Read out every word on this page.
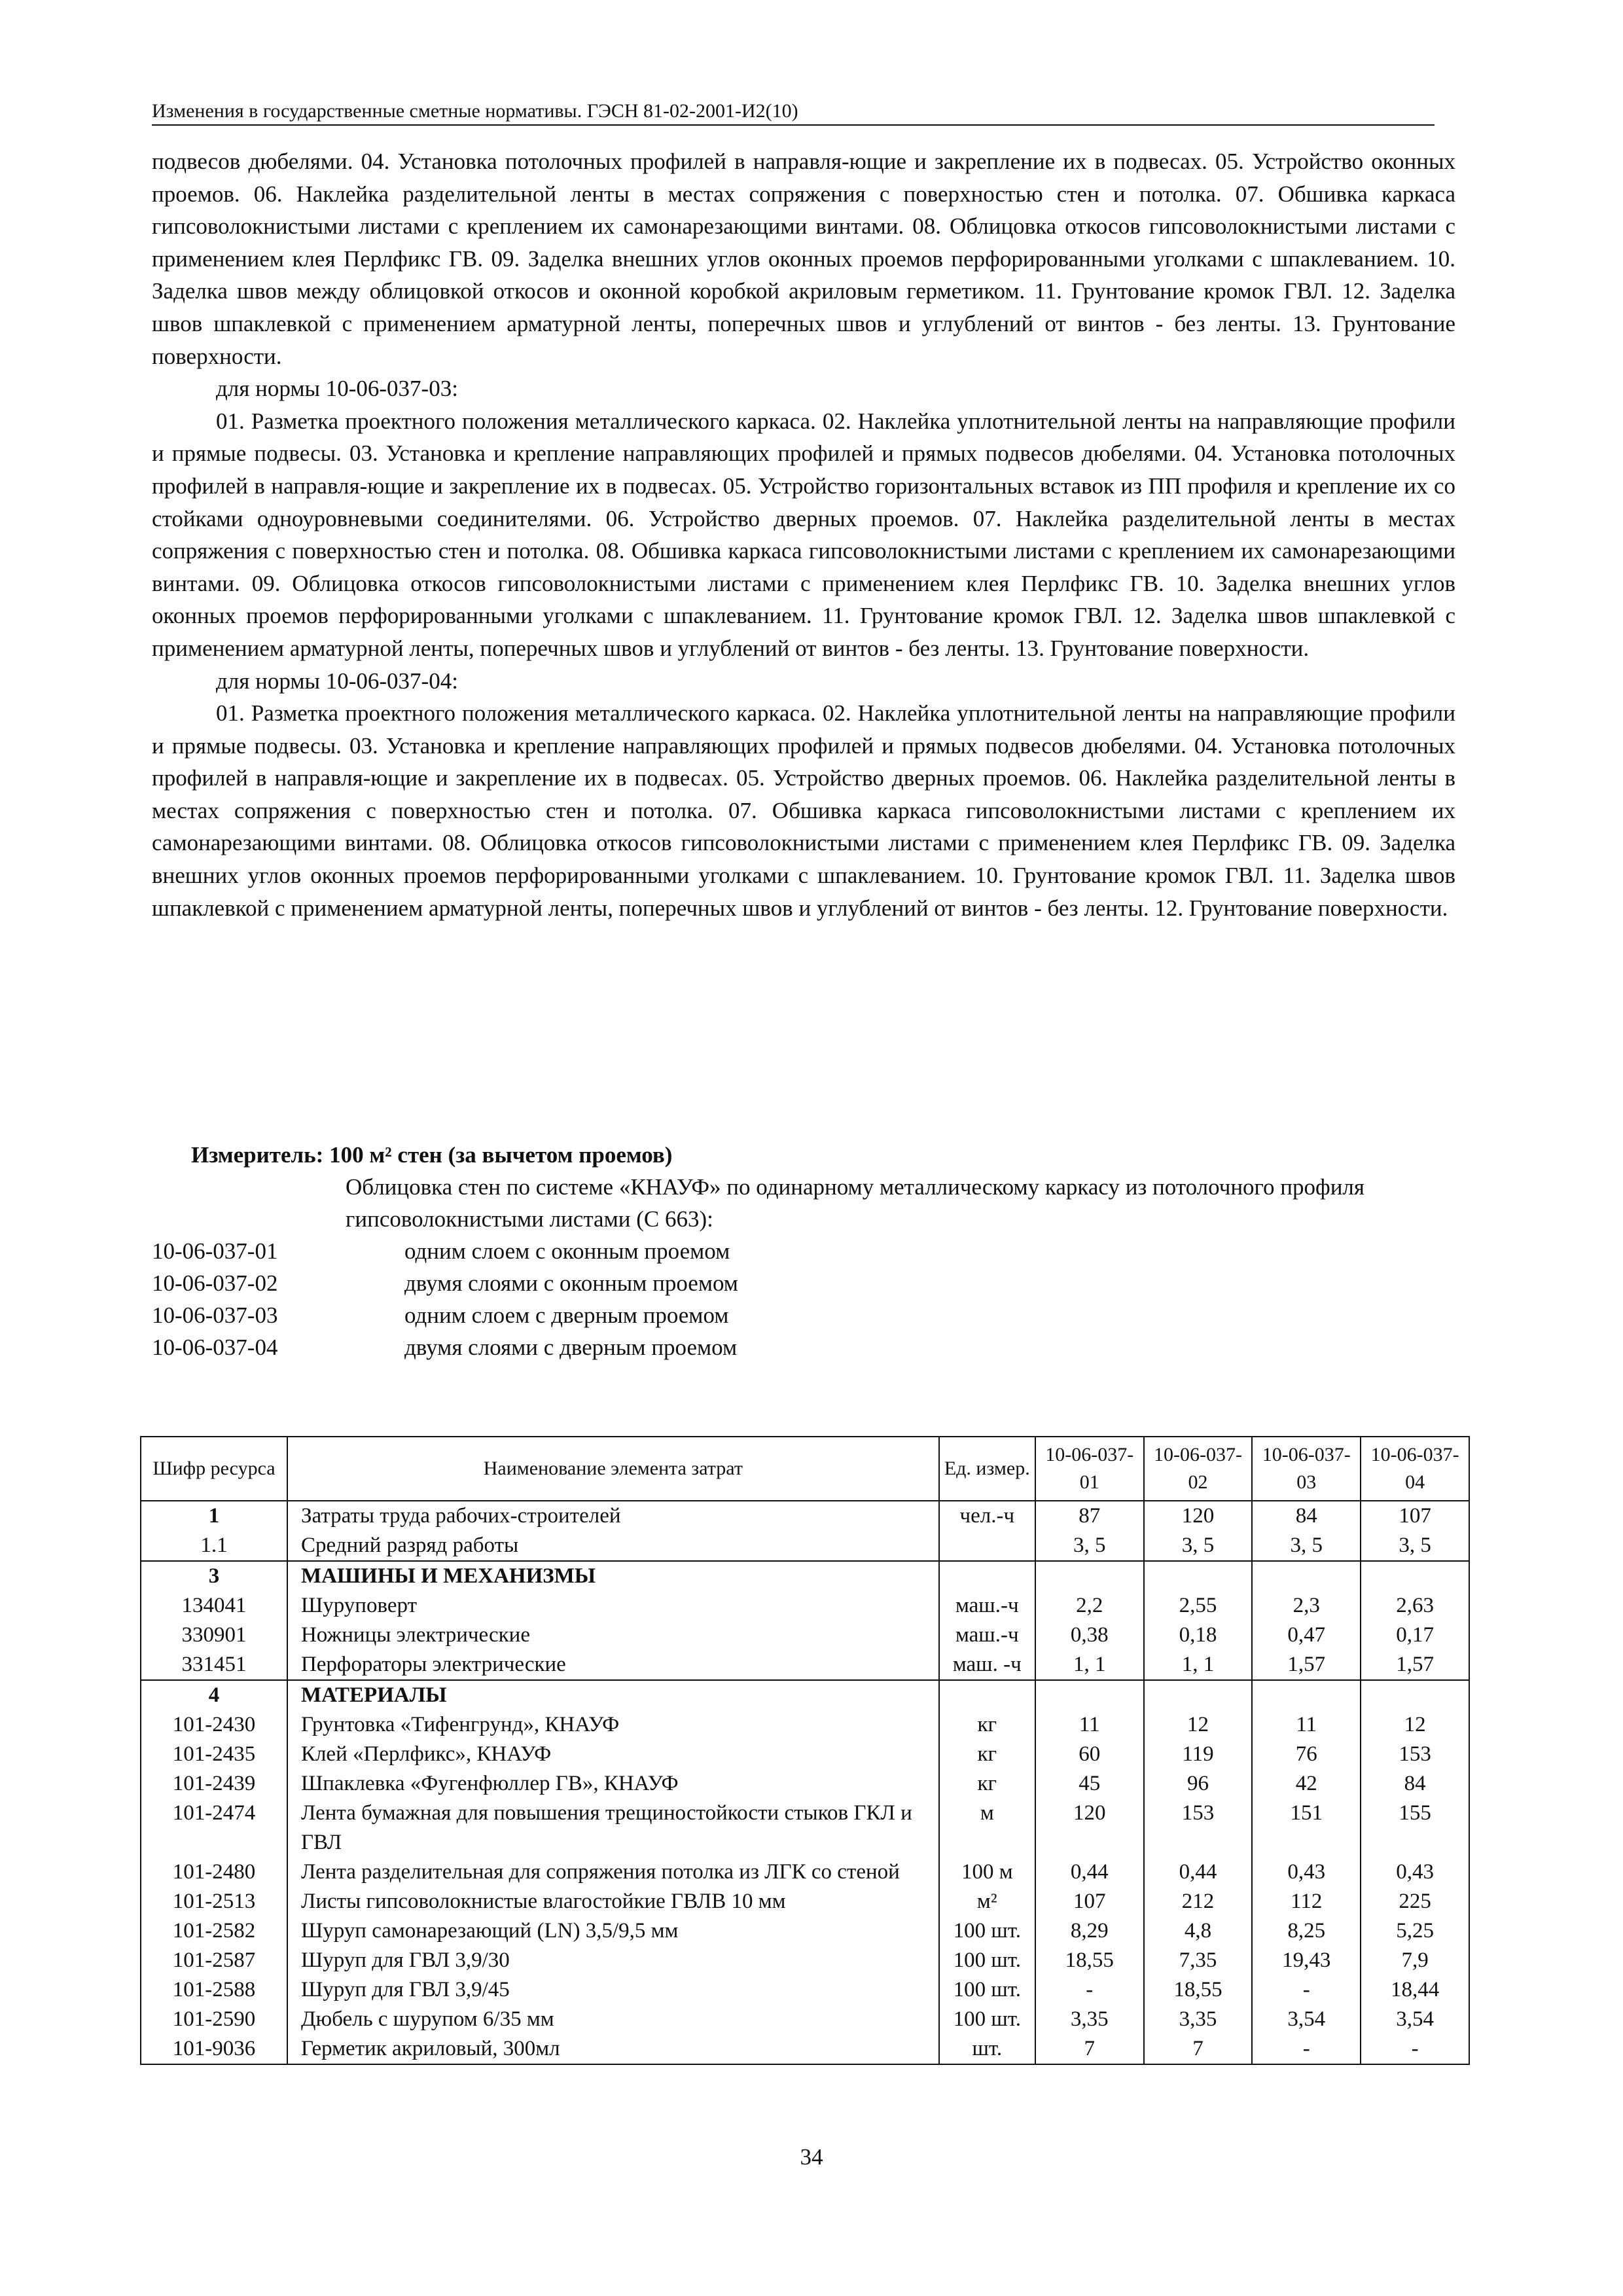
Изменения в государственные сметные нормативы. ГЭСН 81-02-2001-И2(10)

подвесов дюбелями. 04. Установка потолочных профилей в направля-ющие и закрепление их в подвесах. 05. Устройство оконных проемов. 06. Наклейка разделительной ленты в местах сопряжения с поверхностью стен и потолка. 07. Обшивка каркаса гипсоволокнистыми листами с креплением их самонарезающими винтами. 08. Облицовка откосов гипсоволокнистыми листами с применением клея Перлфикс ГВ. 09. Заделка внешних углов оконных проемов перфорированными уголками с шпаклеванием. 10. Заделка швов между облицовкой откосов и оконной коробкой акриловым герметиком. 11. Грунтование кромок ГВЛ. 12. Заделка швов шпаклевкой с применением арматурной ленты, поперечных швов и углублений от винтов - без ленты. 13. Грунтование поверхности.

для нормы 10-06-037-03:

01. Разметка проектного положения металлического каркаса. 02. Наклейка уплотнительной ленты на направляющие профили и прямые подвесы. 03. Установка и крепление направляющих профилей и прямых подвесов дюбелями. 04. Установка потолочных профилей в направля-ющие и закрепление их в подвесах. 05. Устройство горизонтальных вставок из ПП профиля и крепление их со стойками одноуровневыми соединителями. 06. Устройство дверных проемов. 07. Наклейка разделительной ленты в местах сопряжения с поверхностью стен и потолка. 08. Обшивка каркаса гипсоволокнистыми листами с креплением их самонарезающими винтами. 09. Облицовка откосов гипсоволокнистыми листами с применением клея Перлфикс ГВ. 10. Заделка внешних углов оконных проемов перфорированными уголками с шпаклеванием. 11. Грунтование кромок ГВЛ. 12. Заделка швов шпаклевкой с применением арматурной ленты, поперечных швов и углублений от винтов - без ленты. 13. Грунтование поверхности.

для нормы 10-06-037-04:

01. Разметка проектного положения металлического каркаса. 02. Наклейка уплотнительной ленты на направляющие профили и прямые подвесы. 03. Установка и крепление направляющих профилей и прямых подвесов дюбелями. 04. Установка потолочных профилей в направля-ющие и закрепление их в подвесах. 05. Устройство дверных проемов. 06. Наклейка разделительной ленты в местах сопряжения с поверхностью стен и потолка. 07. Обшивка каркаса гипсоволокнистыми листами с креплением их самонарезающими винтами. 08. Облицовка откосов гипсоволокнистыми листами с применением клея Перлфикс ГВ. 09. Заделка внешних углов оконных проемов перфорированными уголками с шпаклеванием. 10. Грунтование кромок ГВЛ. 11. Заделка швов шпаклевкой с применением арматурной ленты, поперечных швов и углублений от винтов - без ленты. 12. Грунтование поверхности.

Измеритель: 100 м² стен (за вычетом проемов)
Облицовка стен по системе «КНАУФ» по одинарному металлическому каркасу из потолочного профиля гипсоволокнистыми листами (С 663):
10-06-037-01	одним слоем с оконным проемом
10-06-037-02	двумя слоями с оконным проемом
10-06-037-03	одним слоем с дверным проемом
10-06-037-04	двумя слоями с дверным проемом
Шифр ресурса	Наименование элемента затрат	Ед. измер.	10-06-037-01	10-06-037-02	10-06-037-03	10-06-037-04
1	Затраты труда рабочих-строителей	чел.-ч	87	120	84	107
1.1	Средний разряд работы		3, 5	3, 5	3, 5	3, 5
3	МАШИНЫ И МЕХАНИЗМЫ					
134041	Шуруповерт	маш.-ч	2,2	2,55	2,3	2,63
330901	Ножницы электрические	маш.-ч	0,38	0,18	0,47	0,17
331451	Перфораторы электрические	маш. -ч	1, 1	1, 1	1,57	1,57
4	МАТЕРИАЛЫ					
101-2430	Грунтовка «Тифенгрунд», КНАУФ	кг	11	12	11	12
101-2435	Клей «Перлфикс», КНАУФ	кг	60	119	76	153
101-2439	Шпаклевка «Фугенфюллер ГВ», КНАУФ	кг	45	96	42	84
101-2474	Лента бумажная для повышения трещиностойкости стыков ГКЛ и ГВЛ	м	120	153	151	155
101-2480	Лента разделительная для сопряжения потолка из ЛГК со стеной	100 м	0,44	0,44	0,43	0,43
101-2513	Листы гипсоволокнистые влагостойкие ГВЛВ 10 мм	м²	107	212	112	225
101-2582	Шуруп самонарезающий (LN) 3,5/9,5 мм	100 шт.	8,29	4,8	8,25	5,25
101-2587	Шуруп для ГВЛ 3,9/30	100 шт.	18,55	7,35	19,43	7,9
101-2588	Шуруп для ГВЛ 3,9/45	100 шт.	-	18,55	-	18,44
101-2590	Дюбель с шурупом 6/35 мм	100 шт.	3,35	3,35	3,54	3,54
101-9036	Герметик акриловый, 300мл	шт.	7	7	-	-
34
